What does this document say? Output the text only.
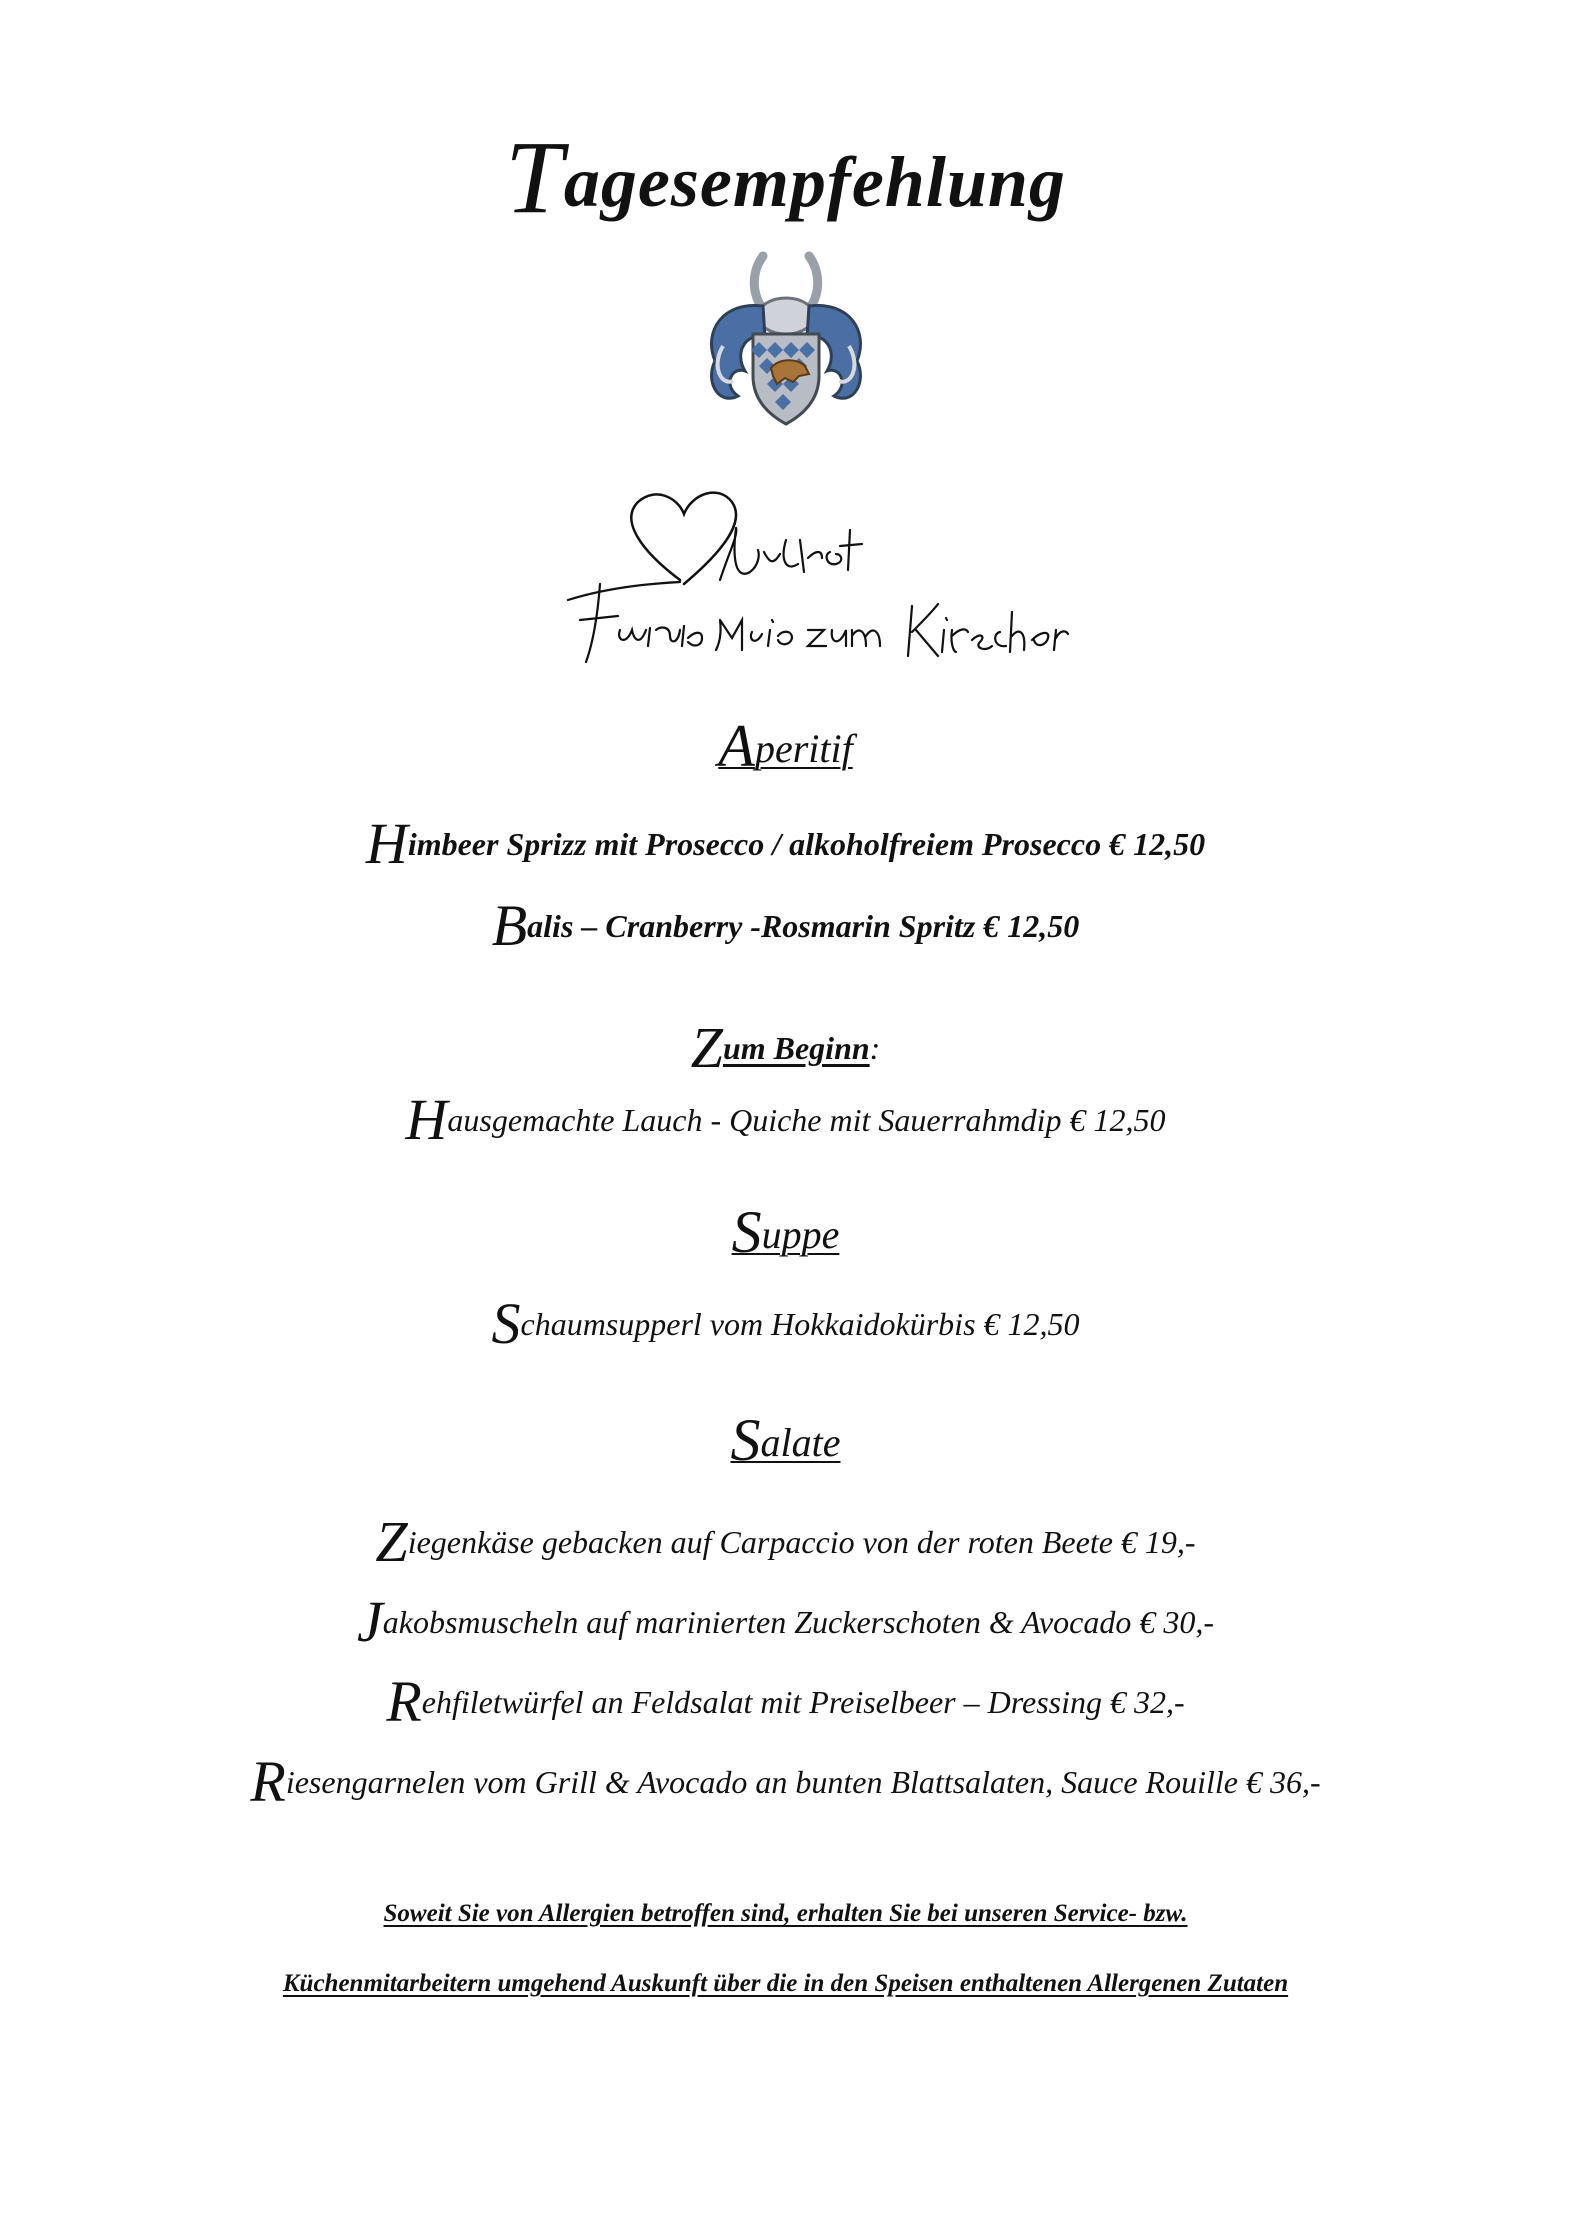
Tagesempfehlung
Aperitif
Himbeer Sprizz mit Prosecco / alkoholfreiem Prosecco € 12,50
Balis – Cranberry -Rosmarin Spritz € 12,50
Zum Beginn:
Hausgemachte Lauch - Quiche mit Sauerrahmdip € 12,50
Suppe
Schaumsupperl vom Hokkaidokürbis € 12,50
Salate
Ziegenkäse gebacken auf Carpaccio von der roten Beete € 19,-
Jakobsmuscheln auf marinierten Zuckerschoten & Avocado € 30,-
Rehfiletwürfel an Feldsalat mit Preiselbeer – Dressing € 32,-
Riesengarnelen vom Grill & Avocado an bunten Blattsalaten, Sauce Rouille € 36,-
Soweit Sie von Allergien betroffen sind, erhalten Sie bei unseren Service- bzw.
Küchenmitarbeitern umgehend Auskunft über die in den Speisen enthaltenen Allergenen Zutaten
